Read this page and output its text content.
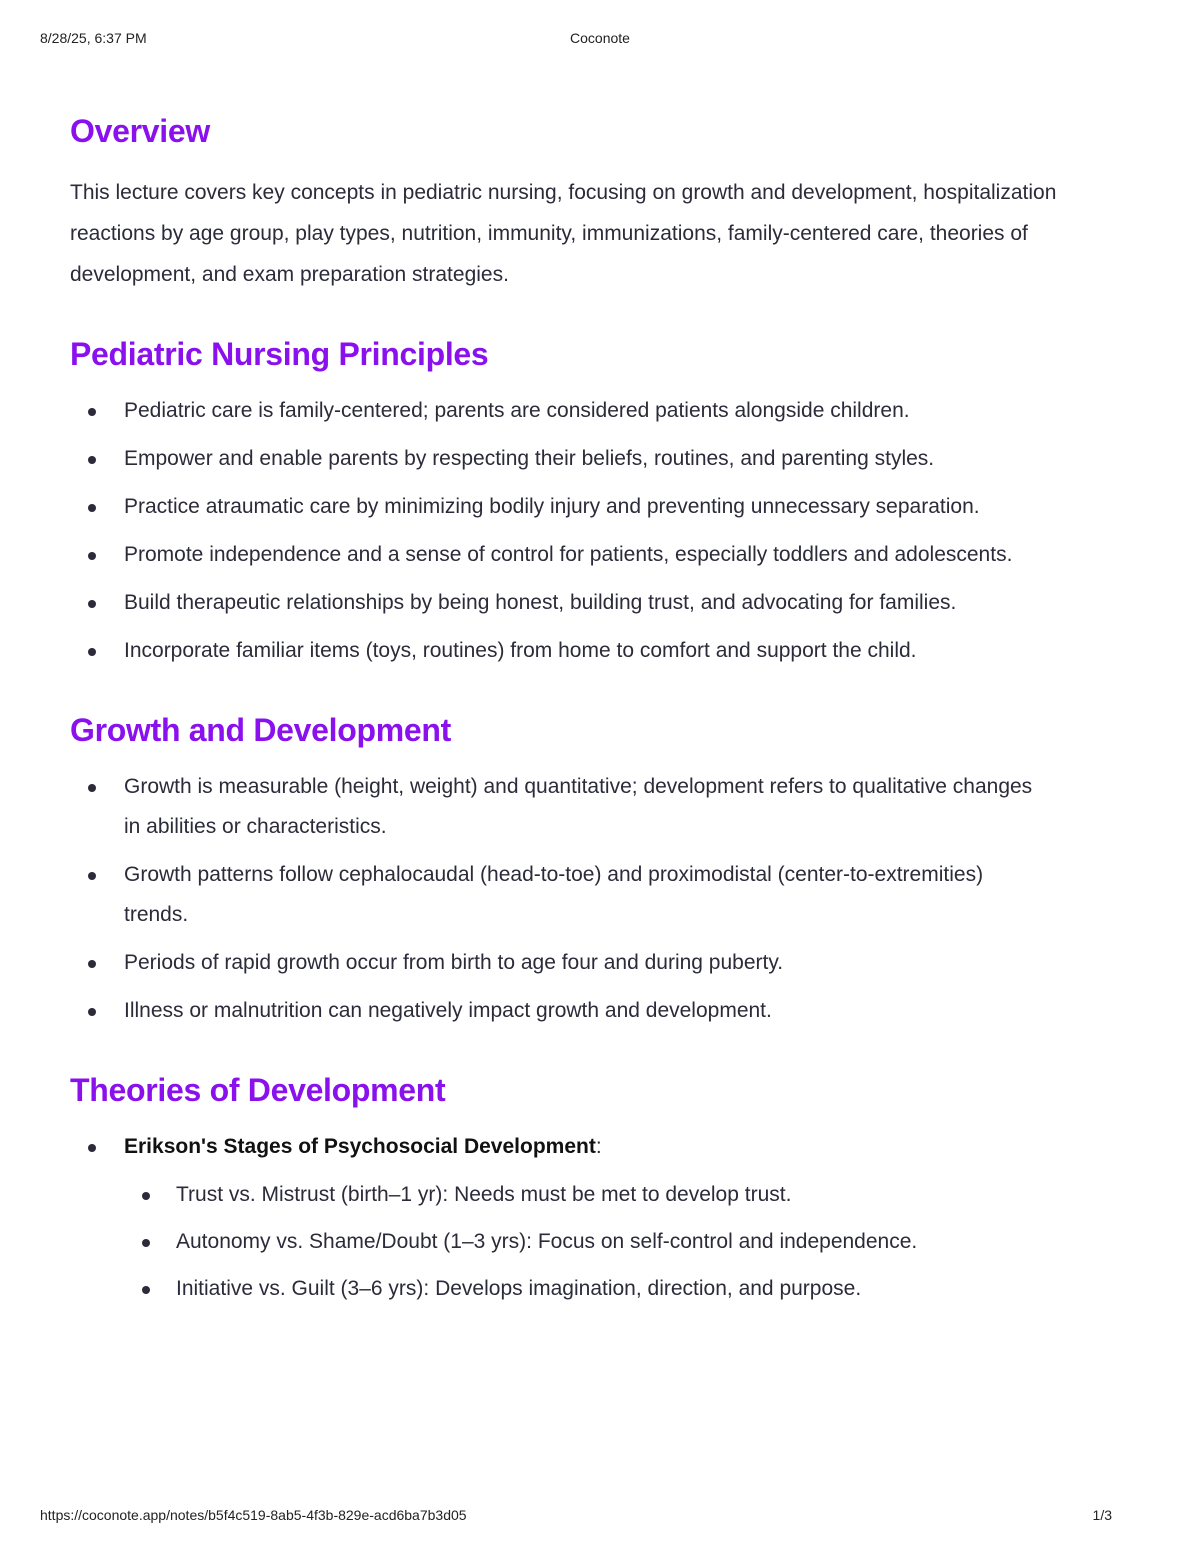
8/28/25, 6:37 PM	Coconote
Overview

This lecture covers key concepts in pediatric nursing, focusing on growth and development, hospitalization reactions by age group, play types, nutrition, immunity, immunizations, family-centered care, theories of development, and exam preparation strategies.

Pediatric Nursing Principles
Pediatric care is family-centered; parents are considered patients alongside children.
Empower and enable parents by respecting their beliefs, routines, and parenting styles.
Practice atraumatic care by minimizing bodily injury and preventing unnecessary separation.
Promote independence and a sense of control for patients, especially toddlers and adolescents.
Build therapeutic relationships by being honest, building trust, and advocating for families.
Incorporate familiar items (toys, routines) from home to comfort and support the child.
Growth and Development
Growth is measurable (height, weight) and quantitative; development refers to qualitative changes in abilities or characteristics.
Growth patterns follow cephalocaudal (head-to-toe) and proximodistal (center-to-extremities) trends.
Periods of rapid growth occur from birth to age four and during puberty.
Illness or malnutrition can negatively impact growth and development.
Theories of Development
Erikson's Stages of Psychosocial Development:
Trust vs. Mistrust (birth–1 yr): Needs must be met to develop trust.
Autonomy vs. Shame/Doubt (1–3 yrs): Focus on self-control and independence.
Initiative vs. Guilt (3–6 yrs): Develops imagination, direction, and purpose.
https://coconote.app/notes/b5f4c519-8ab5-4f3b-829e-acd6ba7b3d05	1/3
